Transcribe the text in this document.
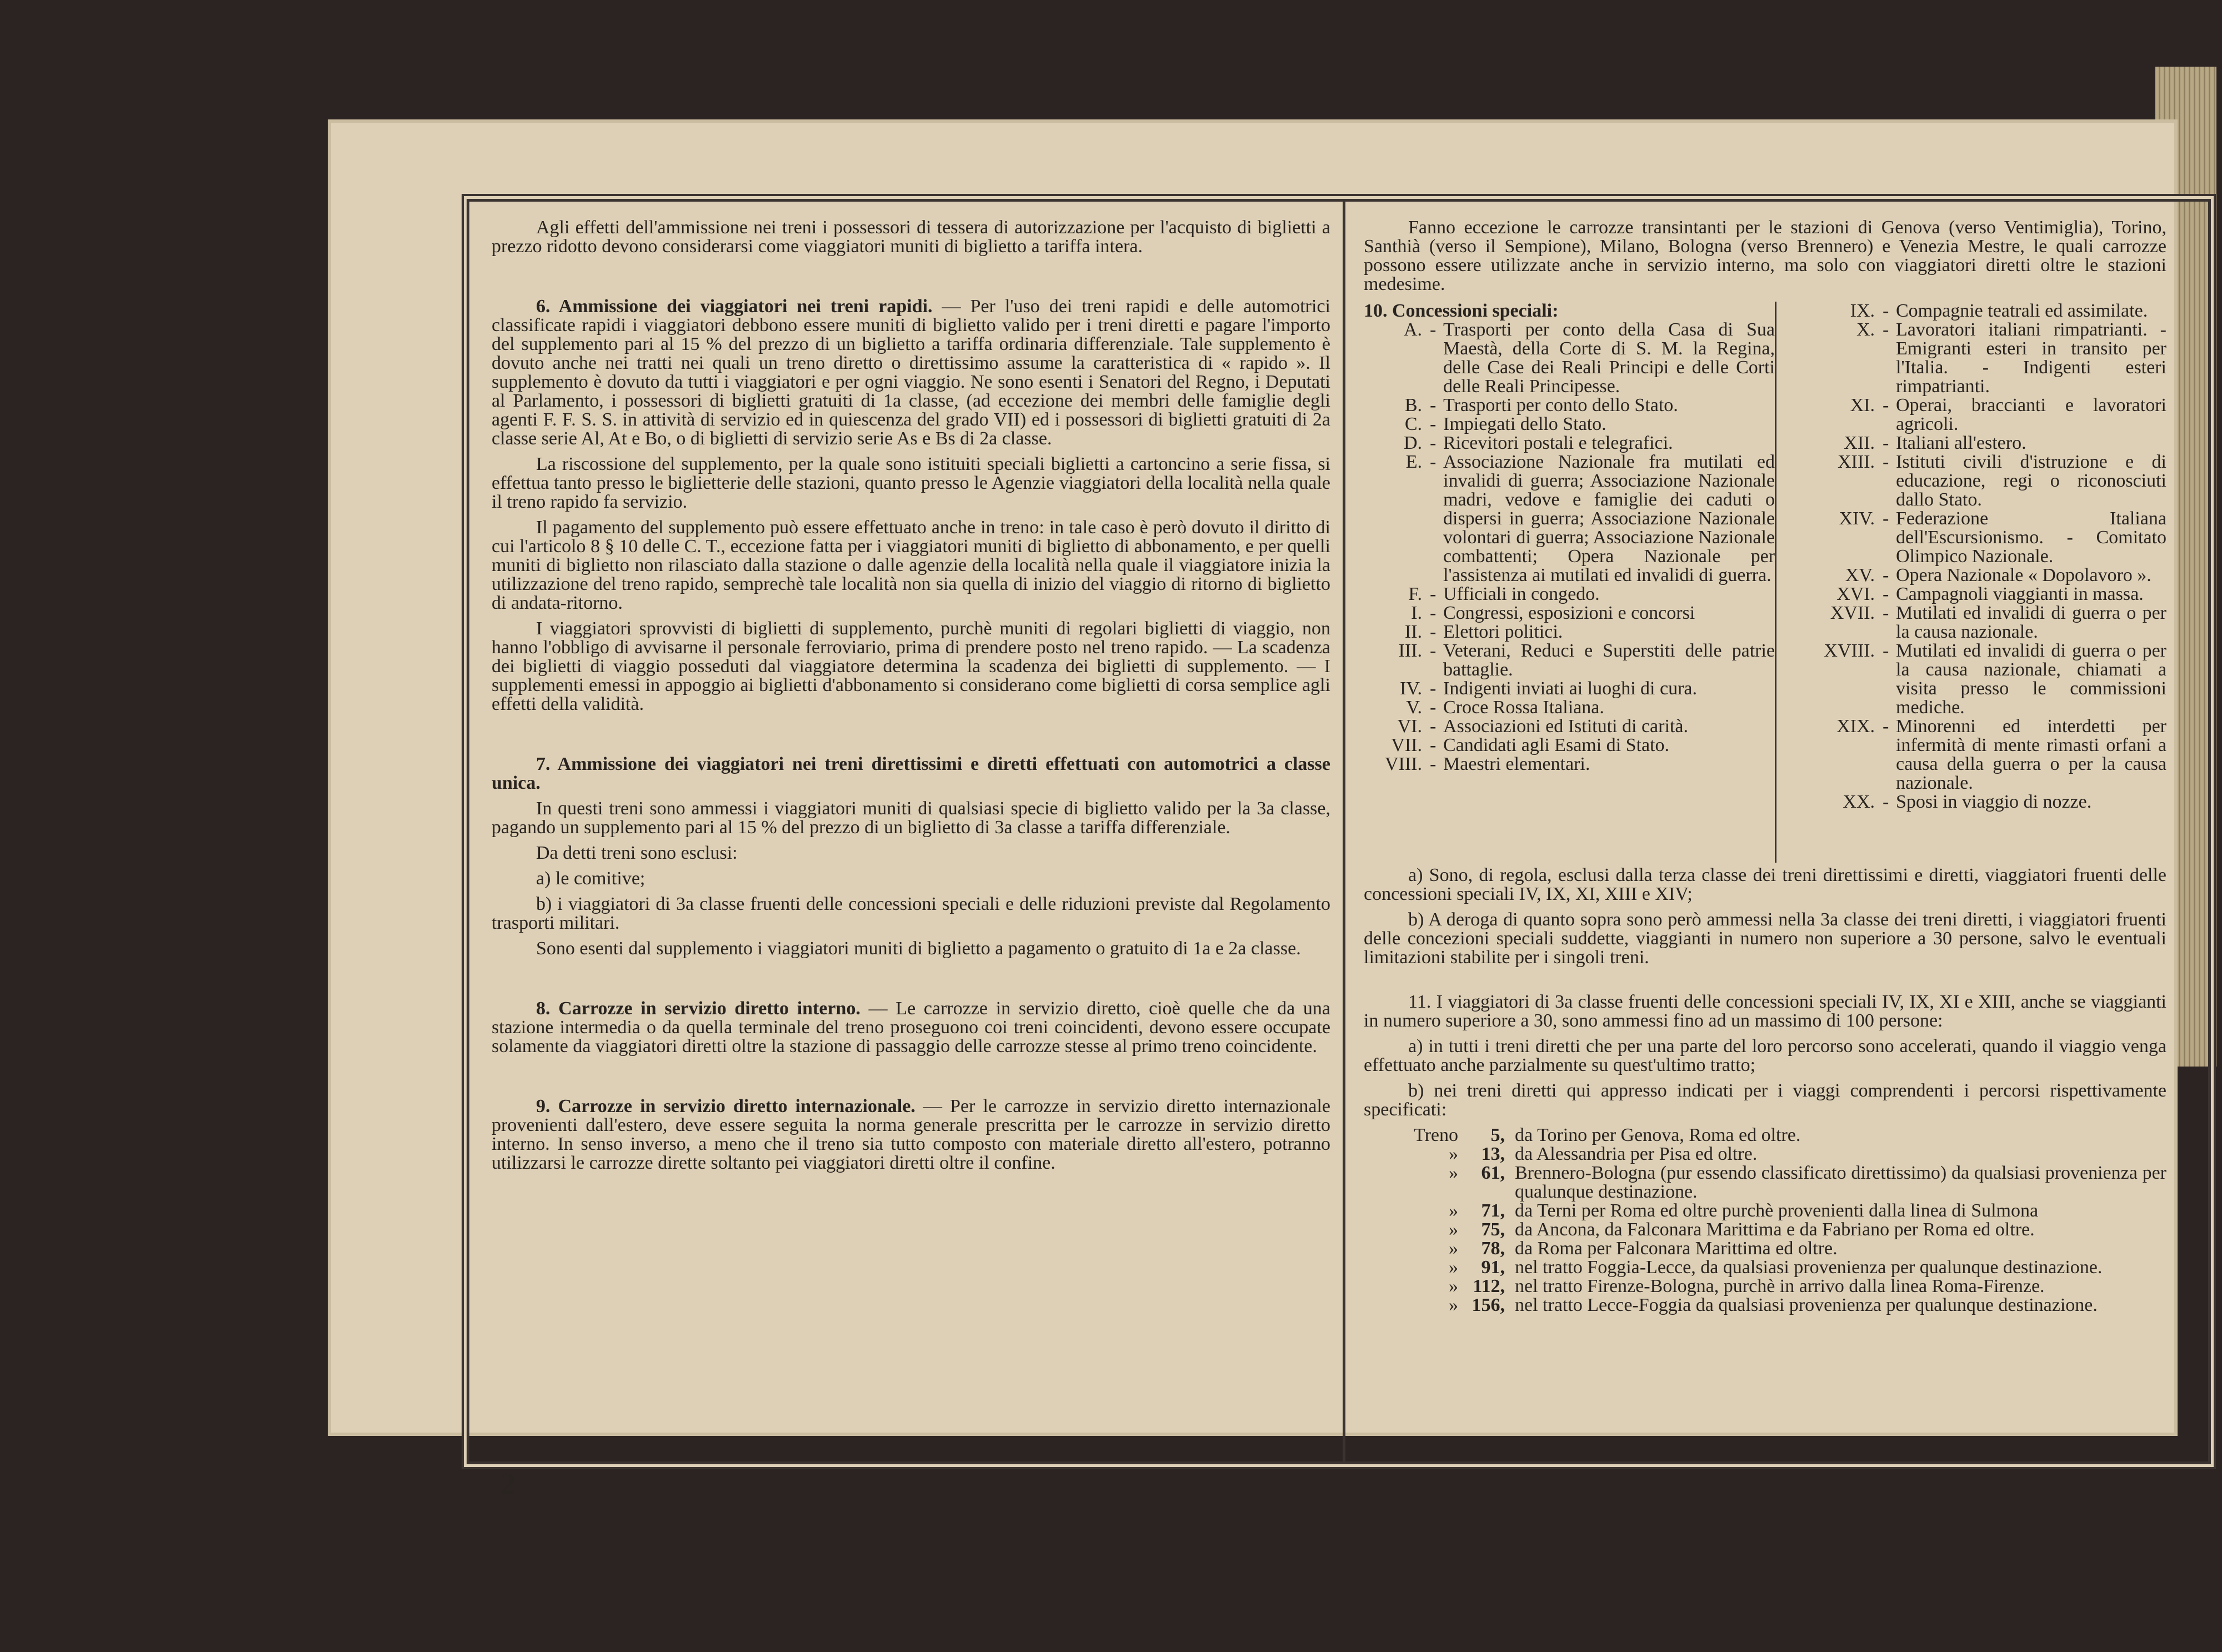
Agli effetti dell'ammissione nei treni i possessori di tessera di autorizzazione per l'acquisto di biglietti a prezzo ridotto devono considerarsi come viaggiatori muniti di biglietto a tariffa intera.

6. Ammissione dei viaggiatori nei treni rapidi. — Per l'uso dei treni rapidi e delle automotrici classificate rapidi i viaggiatori debbono essere muniti di biglietto valido per i treni diretti e pagare l'importo del supplemento pari al 15 % del prezzo di un biglietto a tariffa ordinaria differenziale. Tale supplemento è dovuto anche nei tratti nei quali un treno diretto o direttissimo assume la caratteristica di « rapido ». Il supplemento è dovuto da tutti i viaggiatori e per ogni viaggio. Ne sono esenti i Senatori del Regno, i Deputati al Parlamento, i possessori di biglietti gratuiti di 1a classe, (ad eccezione dei membri delle famiglie degli agenti F. F. S. S. in attività di servizio ed in quiescenza del grado VII) ed i possessori di biglietti gratuiti di 2a classe serie Al, At e Bo, o di biglietti di servizio serie As e Bs di 2a classe.

La riscossione del supplemento, per la quale sono istituiti speciali biglietti a cartoncino a serie fissa, si effettua tanto presso le biglietterie delle stazioni, quanto presso le Agenzie viaggiatori della località nella quale il treno rapido fa servizio.

Il pagamento del supplemento può essere effettuato anche in treno: in tale caso è però dovuto il diritto di cui l'articolo 8 § 10 delle C. T., eccezione fatta per i viaggiatori muniti di biglietto di abbonamento, e per quelli muniti di biglietto non rilasciato dalla stazione o dalle agenzie della località nella quale il viaggiatore inizia la utilizzazione del treno rapido, semprechè tale località non sia quella di inizio del viaggio di ritorno di biglietto di andata-ritorno.

I viaggiatori sprovvisti di biglietti di supplemento, purchè muniti di regolari biglietti di viaggio, non hanno l'obbligo di avvisarne il personale ferroviario, prima di prendere posto nel treno rapido. — La scadenza dei biglietti di viaggio posseduti dal viaggiatore determina la scadenza dei biglietti di supplemento. — I supplementi emessi in appoggio ai biglietti d'abbonamento si considerano come biglietti di corsa semplice agli effetti della validità.

7. Ammissione dei viaggiatori nei treni direttissimi e diretti effettuati con automotrici a classe unica.

In questi treni sono ammessi i viaggiatori muniti di qualsiasi specie di biglietto valido per la 3a classe, pagando un supplemento pari al 15 % del prezzo di un biglietto di 3a classe a tariffa differenziale.

Da detti treni sono esclusi:

a) le comitive;

b) i viaggiatori di 3a classe fruenti delle concessioni speciali e delle riduzioni previste dal Regolamento trasporti militari.

Sono esenti dal supplemento i viaggiatori muniti di biglietto a pagamento o gratuito di 1a e 2a classe.

8. Carrozze in servizio diretto interno. — Le carrozze in servizio diretto, cioè quelle che da una stazione intermedia o da quella terminale del treno proseguono coi treni coincidenti, devono essere occupate solamente da viaggiatori diretti oltre la stazione di passaggio delle carrozze stesse al primo treno coincidente.

9. Carrozze in servizio diretto internazionale. — Per le carrozze in servizio diretto internazionale provenienti dall'estero, deve essere seguita la norma generale prescritta per le carrozze in servizio diretto interno. In senso inverso, a meno che il treno sia tutto composto con materiale diretto all'estero, potranno utilizzarsi le carrozze dirette soltanto pei viaggiatori diretti oltre il confine.

Fanno eccezione le carrozze transintanti per le stazioni di Genova (verso Ventimiglia), Torino, Santhià (verso il Sempione), Milano, Bologna (verso Brennero) e Venezia Mestre, le quali carrozze possono essere utilizzate anche in servizio interno, ma solo con viaggiatori diretti oltre le stazioni medesime.

10. Concessioni speciali:
A. - Trasporti per conto della Casa di Sua Maestà, della Corte di S. M. la Regina, delle Case dei Reali Principi e delle Corti delle Reali Principesse.
B. - Trasporti per conto dello Stato.
C. - Impiegati dello Stato.
D. - Ricevitori postali e telegrafici.
E. - Associazione Nazionale fra mutilati ed invalidi di guerra; Associazione Nazionale madri, vedove e famiglie dei caduti o dispersi in guerra; Associazione Nazionale volontari di guerra; Associazione Nazionale combattenti; Opera Nazionale per l'assistenza ai mutilati ed invalidi di guerra.
F. - Ufficiali in congedo.
I. - Congressi, esposizioni e concorsi
II. - Elettori politici.
III. - Veterani, Reduci e Superstiti delle patrie battaglie.
IV. - Indigenti inviati ai luoghi di cura.
V. - Croce Rossa Italiana.
VI. - Associazioni ed Istituti di carità.
VII. - Candidati agli Esami di Stato.
VIII. - Maestri elementari.
IX. - Compagnie teatrali ed assimilate.
X. - Lavoratori italiani rimpatrianti. - Emigranti esteri in transito per l'Italia. - Indigenti esteri rimpatrianti.
XI. - Operai, braccianti e lavoratori agricoli.
XII. - Italiani all'estero.
XIII. - Istituti civili d'istruzione e di educazione, regi o riconosciuti dallo Stato.
XIV. - Federazione Italiana dell'Escursionismo. - Comitato Olimpico Nazionale.
XV. - Opera Nazionale « Dopolavoro ».
XVI. - Campagnoli viaggianti in massa.
XVII. - Mutilati ed invalidi di guerra o per la causa nazionale.
XVIII. - Mutilati ed invalidi di guerra o per la causa nazionale, chiamati a visita presso le commissioni mediche.
XIX. - Minorenni ed interdetti per infermità di mente rimasti orfani a causa della guerra o per la causa nazionale.
XX. - Sposi in viaggio di nozze.

a) Sono, di regola, esclusi dalla terza classe dei treni direttissimi e diretti, viaggiatori fruenti delle concessioni speciali IV, IX, XI, XIII e XIV;

b) A deroga di quanto sopra sono però ammessi nella 3a classe dei treni diretti, i viaggiatori fruenti delle concezioni speciali suddette, viaggianti in numero non superiore a 30 persone, salvo le eventuali limitazioni stabilite per i singoli treni.

11. I viaggiatori di 3a classe fruenti delle concessioni speciali IV, IX, XI e XIII, anche se viaggianti in numero superiore a 30, sono ammessi fino ad un massimo di 100 persone:

a) in tutti i treni diretti che per una parte del loro percorso sono accelerati, quando il viaggio venga effettuato anche parzialmente su quest'ultimo tratto;

b) nei treni diretti qui appresso indicati per i viaggi comprendenti i percorsi rispettivamente specificati:

Treno	5, da Torino per Genova, Roma ed oltre.
»	13, da Alessandria per Pisa ed oltre.
»	61, Brennero-Bologna (pur essendo classificato direttissimo) da qualsiasi provenienza per qualunque destinazione.
»	71, da Terni per Roma ed oltre purchè provenienti dalla linea di Sulmona
»	75, da Ancona, da Falconara Marittima e da Fabriano per Roma ed oltre.
»	78, da Roma per Falconara Marittima ed oltre.
»	91, nel tratto Foggia-Lecce, da qualsiasi provenienza per qualunque destinazione.
» 112, nel tratto Firenze-Bologna, purchè in arrivo dalla linea Roma-Firenze.
» 156, nel tratto Lecce-Foggia da qualsiasi provenienza per qualunque destinazione.
2
